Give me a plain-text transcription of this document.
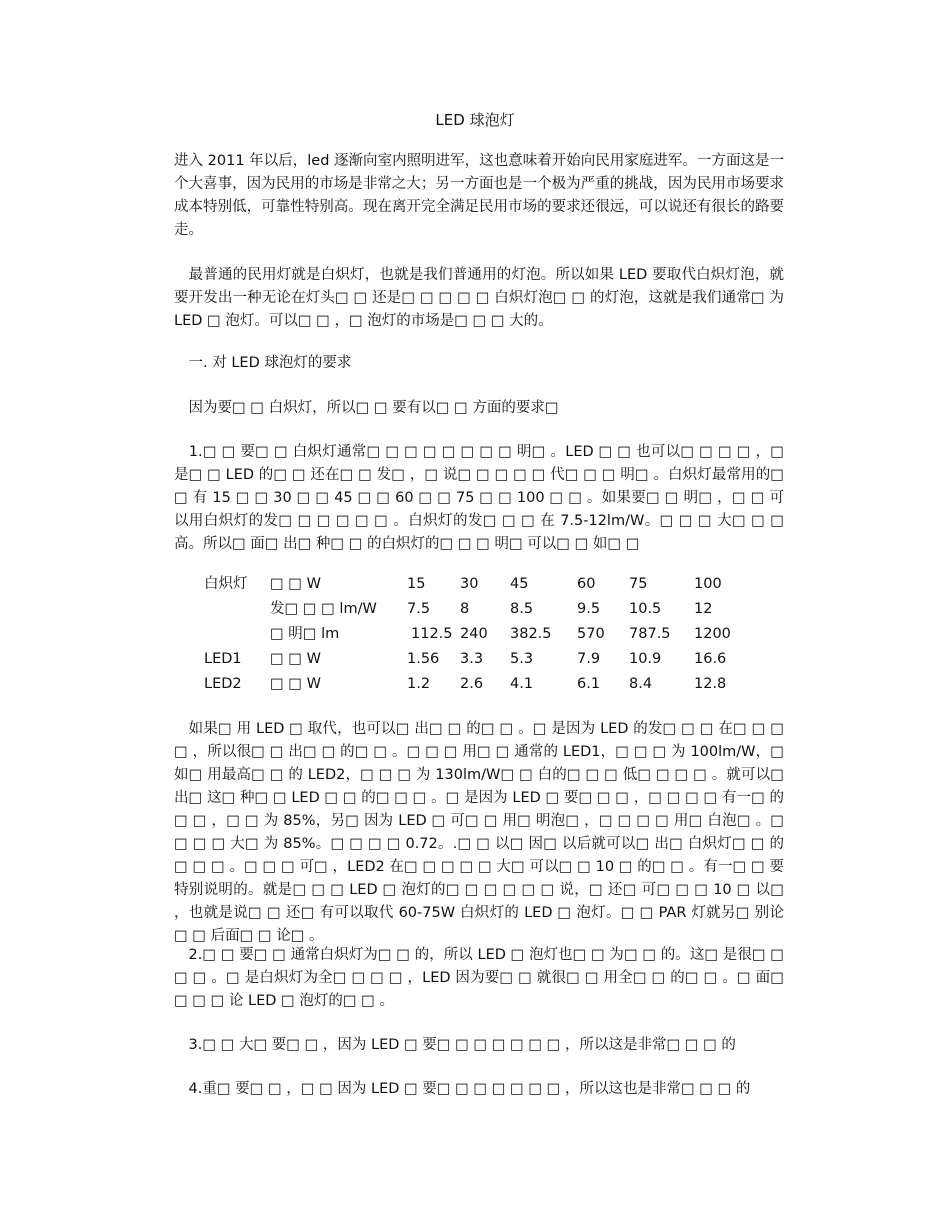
LED 球泡灯

进入 2011 年以后，led 逐渐向室内照明进军，这也意味着开始向民用家庭进军。一方面这是一个大喜事，因为民用的市场是非常之大；另一方面也是一个极为严重的挑战，因为民用市场要求成本特别低，可靠性特别高。现在离开完全满足民用市场的要求还很远，可以说还有很长的路要走。

　最普通的民用灯就是白炽灯，也就是我们普通用的灯泡。所以如果 LED 要取代白炽灯泡，就要开发出一种无论在灯头□ □ 还是□ □ □ □ □ 白炽灯泡□ □ 的灯泡，这就是我们通常□ 为 LED □ 泡灯。可以□ □ ，□ 泡灯的市场是□ □ □ 大的。

　一. 对 LED 球泡灯的要求

　因为要□ □ 白炽灯，所以□ □ 要有以□ □ 方面的要求□

　1.□ □ 要□ □ 白炽灯通常□ □ □ □ □ □ □ □ 明□ 。LED □ □ 也可以□ □ □ □ ，□ 是□ □ LED 的□ □ 还在□ □ 发□ ，□ 说□ □ □ □ □ 代□ □ □ 明□ 。白炽灯最常用的□ □ 有 15 □ □ 30 □ □ 45 □ □ 60 □ □ 75 □ □ 100 □ □ 。如果要□ □ 明□ ，□ □ 可以用白炽灯的发□ □ □ □ □ □ 。白炽灯的发□ □ □ 在 7.5-12lm/W。□ □ □ 大□ □ □ 高。所以□ 面□ 出□ 种□ □ 的白炽灯的□ □ □ 明□ 可以□ □ 如□ □

白炽灯 □ □ W	15 30 45	60 75	100
发□ □ □ lm/W 7.5 8	8.5	9.5 10.5 12
□ 明□ lm	112.5 240 382.5 570 787.5 1200
LED1 □ □ W	1.56 3.3 5.3	7.9 10.9 16.6
LED2 □ □ W	1.2 2.6 4.1	6.1 8.4	12.8

　如果□ 用 LED □ 取代，也可以□ 出□ □ 的□ □ 。□ 是因为 LED 的发□ □ □ 在□ □ □ □ ，所以很□ □ 出□ □ 的□ □ 。□ □ □ 用□ □ 通常的 LED1，□ □ □ 为 100lm/W，□ 如□ 用最高□ □ 的 LED2，□ □ □ 为 130lm/W□ □ 白的□ □ □ 低□ □ □ □ 。就可以□ 出□ 这□ 种□ □ LED □ □ 的□ □ □ 。□ 是因为 LED □ 要□ □ □ ，□ □ □ □ 有一□ 的□ □ ，□ □ 为 85%，另□ 因为 LED □ 可□ □ 用□ 明泡□ ，□ □ □ □ 用□ 白泡□ 。□ □ □ □ 大□ 为 85%。□ □ □ □ 0.72。.□ □ 以□ 因□ 以后就可以□ 出□ 白炽灯□ □ 的□ □ □ 。□ □ □ 可□ ，LED2 在□ □ □ □ □ 大□ 可以□ □ 10 □ 的□ □ 。有一□ □ 要特别说明的。就是□ □ □ LED □ 泡灯的□ □ □ □ □ □ 说，□ 还□ 可□ □ □ 10 □ 以□ ，也就是说□ □ 还□ 有可以取代 60-75W 白炽灯的 LED □ 泡灯。□ □ PAR 灯就另□ 别论□ □ 后面□ □ 论□ 。

　2.□ □ 要□ □ 通常白炽灯为□ □ 的，所以 LED □ 泡灯也□ □ 为□ □ 的。这□ 是很□ □ □ □ 。□ 是白炽灯为全□ □ □ □ ，LED 因为要□ □ 就很□ □ 用全□ □ 的□ □ 。□ 面□ □ □ □ 论 LED □ 泡灯的□ □ 。

　3.□ □ 大□ 要□ □ ，因为 LED □ 要□ □ □ □ □ □ □ ，所以这是非常□ □ □ 的

　4.重□ 要□ □ ，□ □ 因为 LED □ 要□ □ □ □ □ □ □ ，所以这也是非常□ □ □ 的
